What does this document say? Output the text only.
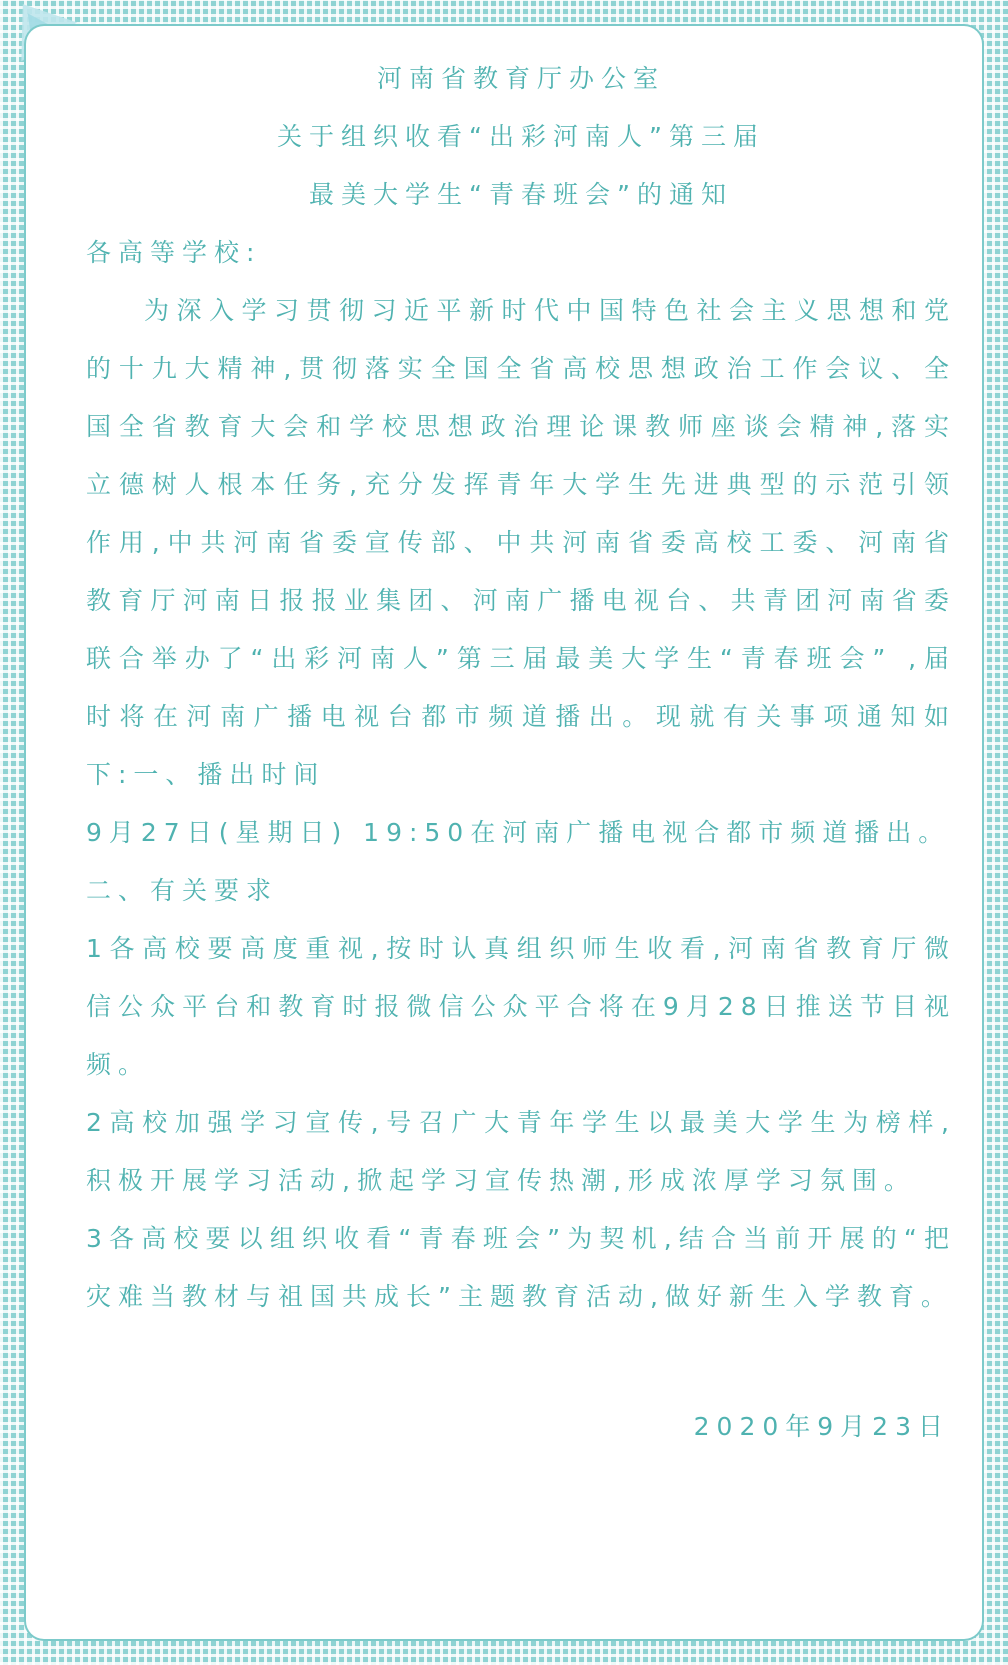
河南省教育厅办公室
关于组织收看“出彩河南人”第三届
最美大学生“青春班会”的通知

各高等学校:

为深入学习贯彻习近平新时代中国特色社会主义思想和党的十九大精神,贯彻落实全国全省高校思想政治工作会议、全国全省教育大会和学校思想政治理论课教师座谈会精神,落实立德树人根本任务,充分发挥青年大学生先进典型的示范引领作用,中共河南省委宣传部、中共河南省委高校工委、河南省教育厅河南日报报业集团、河南广播电视台、共青团河南省委联合举办了“出彩河南人”第三届最美大学生“青春班会” ,届时将在河南广播电视台都市频道播出。现就有关事项通知如下:一、播出时间

9月27日(星期日) 19:50在河南广播电视合都市频道播出。

二、有关要求

1各高校要高度重视,按时认真组织师生收看,河南省教育厅微信公众平台和教育时报微信公众平合将在9月28日推送节目视频。

2高校加强学习宣传,号召广大青年学生以最美大学生为榜样,积极开展学习活动,掀起学习宣传热潮,形成浓厚学习氛围。

3各高校要以组织收看“青春班会”为契机,结合当前开展的“把灾难当教材与祖国共成长”主题教育活动,做好新生入学教育。

2020年9月23日
